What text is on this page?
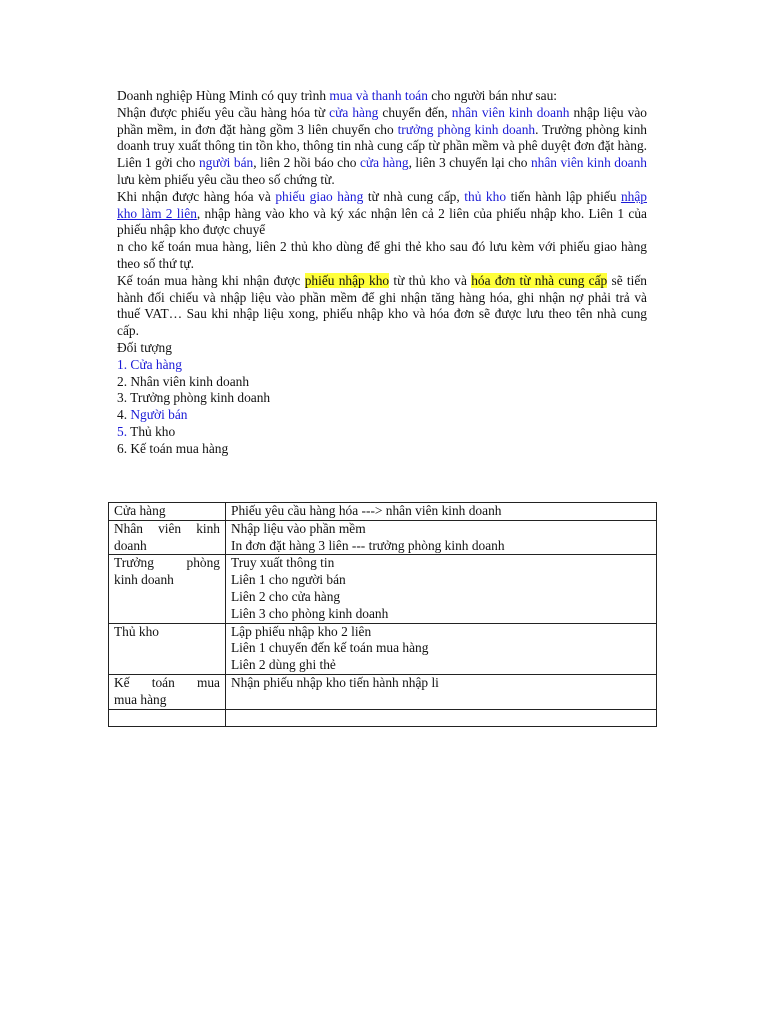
Doanh nghiệp Hùng Minh có quy trình mua và thanh toán cho người bán như sau:

Nhận được phiếu yêu cầu hàng hóa từ cửa hàng chuyển đến, nhân viên kinh doanh nhập liệu vào phần mềm, in đơn đặt hàng gồm 3 liên chuyển cho trưởng phòng kinh doanh. Trưởng phòng kinh doanh truy xuất thông tin tồn kho, thông tin nhà cung cấp từ phần mềm và phê duyệt đơn đặt hàng. Liên 1 gởi cho người bán, liên 2 hồi báo cho cửa hàng, liên 3 chuyển lại cho nhân viên kinh doanh lưu kèm phiếu yêu cầu theo số chứng từ.

Khi nhận được hàng hóa và phiếu giao hàng từ nhà cung cấp, thủ kho tiến hành lập phiếu nhập kho làm 2 liên, nhập hàng vào kho và ký xác nhận lên cả 2 liên của phiếu nhập kho. Liên 1 của phiếu nhập kho được chuyể

n cho kế toán mua hàng, liên 2 thủ kho dùng để ghi thẻ kho sau đó lưu kèm với phiếu giao hàng theo số thứ tự.

Kế toán mua hàng khi nhận được phiếu nhập kho từ thủ kho và hóa đơn từ nhà cung cấp sẽ tiến hành đối chiếu và nhập liệu vào phần mềm để ghi nhận tăng hàng hóa, ghi nhận nợ phải trả và thuế VAT… Sau khi nhập liệu xong, phiếu nhập kho và hóa đơn sẽ được lưu theo tên nhà cung cấp.

Đối tượng

1. Cửa hàng
2. Nhân viên kinh doanh
3. Trưởng phòng kinh doanh
4. Người bán
5. Thủ kho
6. Kế toán mua hàng
Cửa hàng	Phiếu yêu cầu hàng hóa ---> nhân viên kinh doanh

Nhân viên kinh
doanh	Nhập liệu vào phần mềm
In đơn đặt hàng 3 liên --- trưởng phòng kinh doanh

Trưởng phòng
kinh doanh	Truy xuất thông tin
Liên 1 cho người bán
Liên 2 cho cửa hàng
Liên 3 cho phòng kinh doanh

Thủ kho	Lập phiếu nhập kho 2 liên
Liên 1 chuyển đến kế toán mua hàng
Liên 2 dùng ghi thẻ

Kế toán mua
mua hàng	Nhận phiếu nhập kho tiến hành nhập li
